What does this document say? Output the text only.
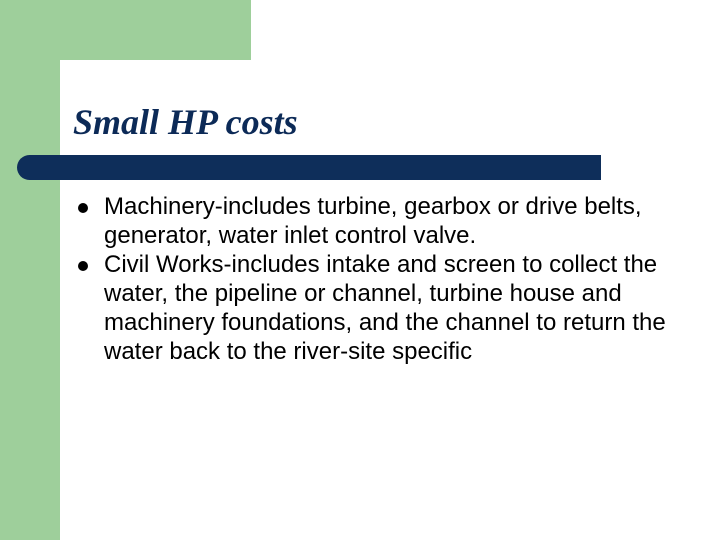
Small HP costs
Machinery-includes turbine, gearbox or drive belts, generator, water inlet control valve.
Civil Works-includes intake and screen to collect the water, the pipeline or channel, turbine house and machinery foundations, and the channel to return the water back to the river-site specific
